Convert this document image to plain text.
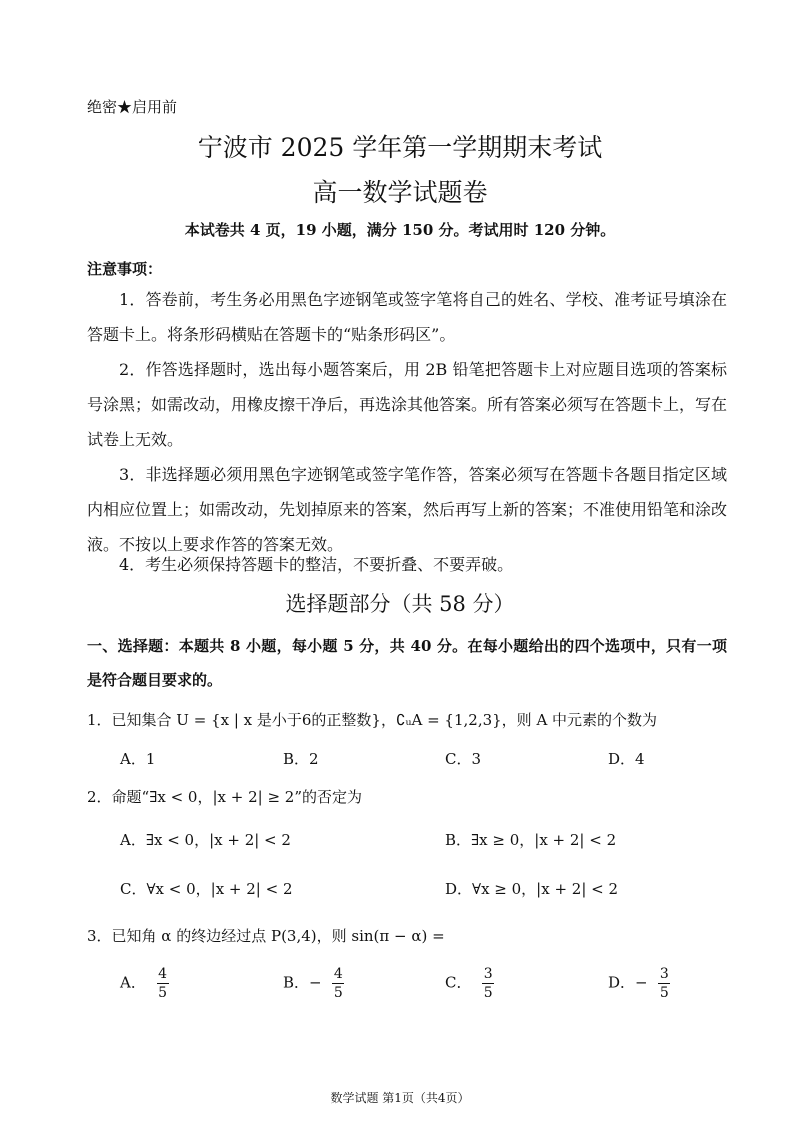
绝密★启用前
宁波市 2025 学年第一学期期末考试
高一数学试题卷
本试卷共 4 页，19 小题，满分 150 分。考试用时 120 分钟。
注意事项：
1．答卷前，考生务必用黑色字迹钢笔或签字笔将自己的姓名、学校、准考证号填涂在答题卡上。将条形码横贴在答题卡的“贴条形码区”。
2．作答选择题时，选出每小题答案后，用 2B 铅笔把答题卡上对应题目选项的答案标号涂黑；如需改动，用橡皮擦干净后，再选涂其他答案。所有答案必须写在答题卡上，写在试卷上无效。
3．非选择题必须用黑色字迹钢笔或签字笔作答，答案必须写在答题卡各题目指定区域内相应位置上；如需改动，先划掉原来的答案，然后再写上新的答案；不准使用铅笔和涂改液。不按以上要求作答的答案无效。
4．考生必须保持答题卡的整洁，不要折叠、不要弄破。
选择题部分（共 58 分）
一、选择题：本题共 8 小题，每小题 5 分，共 40 分。在每小题给出的四个选项中，只有一项是符合题目要求的。
1．已知集合 U = {x | x 是小于6的正整数}，∁ᵤA = {1,2,3}，则 A 中元素的个数为
A．1	B．2	C．3	D．4
2．命题“∃x < 0，|x + 2| ≥ 2”的否定为
A．∃x < 0，|x + 2| < 2	B．∃x ≥ 0，|x + 2| < 2
C．∀x < 0，|x + 2| < 2	D．∀x ≥ 0，|x + 2| < 2
3．已知角 α 的终边经过点 P(3,4)，则 sin(π − α) =
A． $\frac{4}{5}$	B．− $\frac{4}{5}$	C． $\frac{3}{5}$	D．− $\frac{3}{5}$
数学试题 第1页（共4页）
